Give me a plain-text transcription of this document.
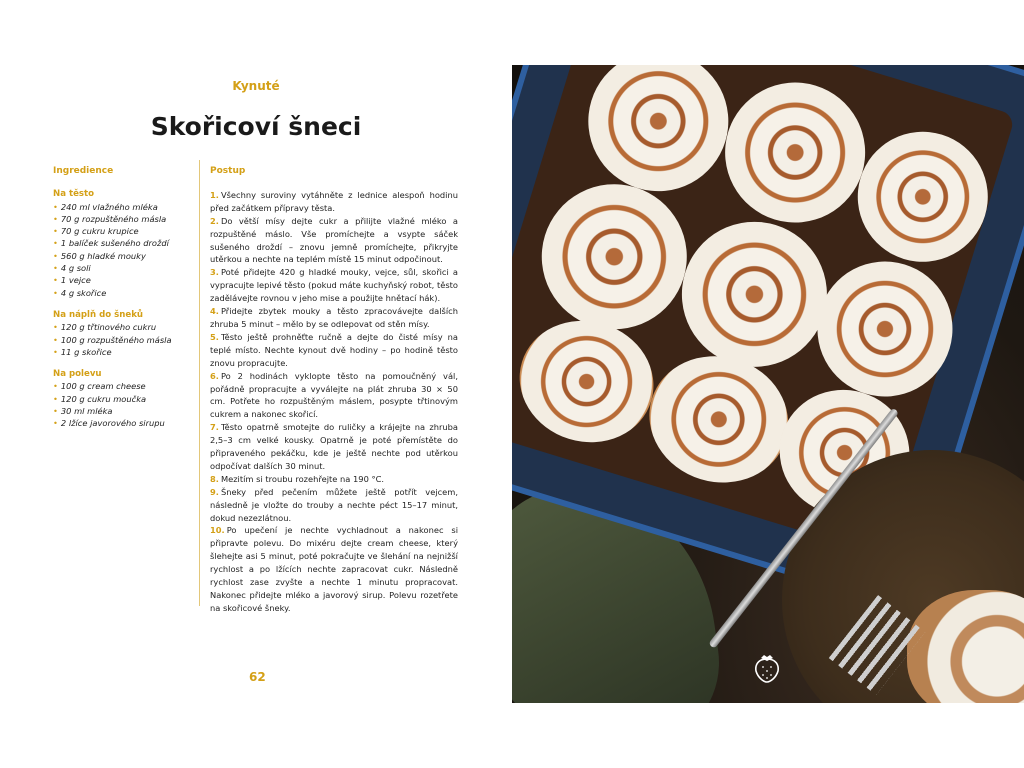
Kynuté
Skořicoví šneci
Ingredience
Na těsto
• 240 ml vlažného mléka
• 70 g rozpuštěného másla
• 70 g cukru krupice
• 1 balíček sušeného droždí
• 560 g hladké mouky
• 4 g soli
• 1 vejce
• 4 g skořice
Na náplň do šneků
• 120 g třtinového cukru
• 100 g rozpuštěného másla
• 11 g skořice
Na polevu
• 100 g cream cheese
• 120 g cukru moučka
• 30 ml mléka
• 2 lžíce javorového sirupu
Postup
1. Všechny suroviny vytáhněte z lednice alespoň hodinu před začátkem přípravy těsta.
2. Do větší mísy dejte cukr a přilijte vlažné mléko a rozpuštěné máslo. Vše promíchejte a vsypte sáček sušeného droždí – znovu jemně promíchejte, přikryjte utěrkou a nechte na teplém místě 15 minut odpočinout.
3. Poté přidejte 420 g hladké mouky, vejce, sůl, skořici a vypracujte lepivé těsto (pokud máte kuchyňský robot, těsto zadělávejte rovnou v jeho mise a použijte hnětací hák).
4. Přidejte zbytek mouky a těsto zpracovávejte dalších zhruba 5 minut – mělo by se odlepovat od stěn mísy.
5. Těsto ještě prohněťte ručně a dejte do čisté mísy na teplé místo. Nechte kynout dvě hodiny – po hodině těsto znovu propracujte.
6. Po 2 hodinách vyklopte těsto na pomoučněný vál, pořádně propracujte a vyválejte na plát zhruba 30 × 50 cm. Potřete ho rozpuštěným máslem, posypte třtinovým cukrem a nakonec skořicí.
7. Těsto opatrně smotejte do ruličky a krájejte na zhruba 2,5–3 cm velké kousky. Opatrně je poté přemístěte do připraveného pekáčku, kde je ještě nechte pod utěrkou odpočívat dalších 30 minut.
8. Mezitím si troubu rozehřejte na 190 °C.
9. Šneky před pečením můžete ještě potřít vejcem, následně je vložte do trouby a nechte péct 15–17 minut, dokud nezezlátnou.
10. Po upečení je nechte vychladnout a nakonec si připravte polevu. Do mixéru dejte cream cheese, který šlehejte asi 5 minut, poté pokračujte ve šlehání na nejnižší rychlost a po lžících nechte zapracovat cukr. Následně rychlost zase zvyšte a nechte 1 minutu propracovat. Nakonec přidejte mléko a javorový sirup. Polevu rozetřete na skořicové šneky.
62
